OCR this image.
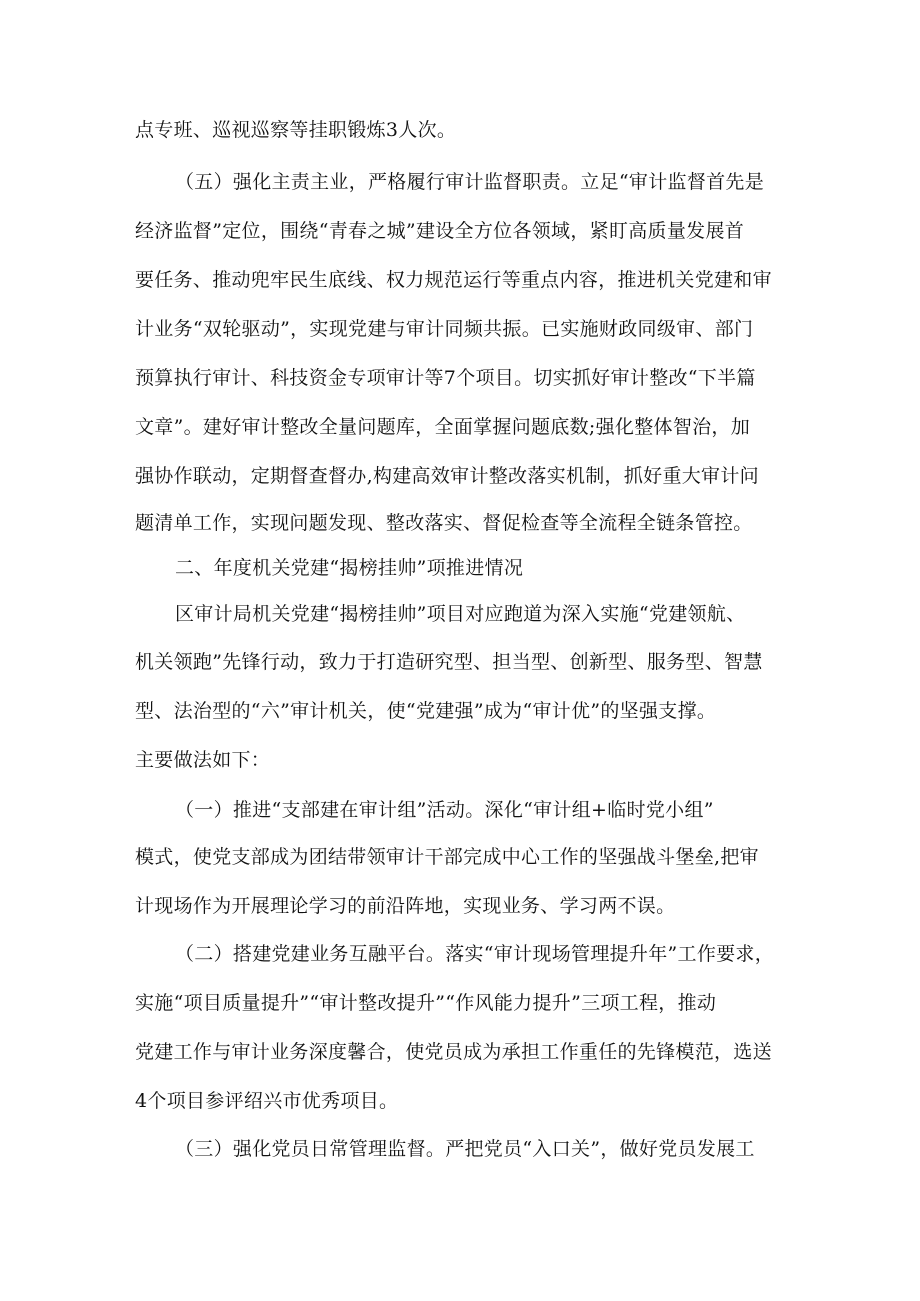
点专班、巡视巡察等挂职锻炼3人次。

（五）强化主责主业，严格履行审计监督职责。立足“审计监督首先是

经济监督”定位，围绕“青春之城”建设全方位各领域，紧盯高质量发展首

要任务、推动兜牢民生底线、权力规范运行等重点内容，推进机关党建和审

计业务“双轮驱动”，实现党建与审计同频共振。已实施财政同级审、部门

预算执行审计、科技资金专项审计等7个项目。切实抓好审计整改“下半篇

文章”。建好审计整改全量问题库，全面掌握问题底数;强化整体智治，加

强协作联动，定期督查督办,构建高效审计整改落实机制，抓好重大审计问

题清单工作，实现问题发现、整改落实、督促检查等全流程全链条管控。

二、年度机关党建“揭榜挂帅”项推进情况

区审计局机关党建“揭榜挂帅”项目对应跑道为深入实施“党建领航、

机关领跑”先锋行动，致力于打造研究型、担当型、创新型、服务型、智慧

型、法治型的“六”审计机关，使“党建强”成为“审计优”的坚强支撑。

主要做法如下：

（一）推进“支部建在审计组”活动。深化“审计组+临时党小组”

模式，使党支部成为团结带领审计干部完成中心工作的坚强战斗堡垒,把审

计现场作为开展理论学习的前沿阵地，实现业务、学习两不误。

（二）搭建党建业务互融平台。落实“审计现场管理提升年”工作要求，

实施“项目质量提升”“审计整改提升”“作风能力提升”三项工程，推动

党建工作与审计业务深度馨合，使党员成为承担工作重任的先锋模范，选送

4个项目参评绍兴市优秀项目。

（三）强化党员日常管理监督。严把党员“入口关”，做好党员发展工
